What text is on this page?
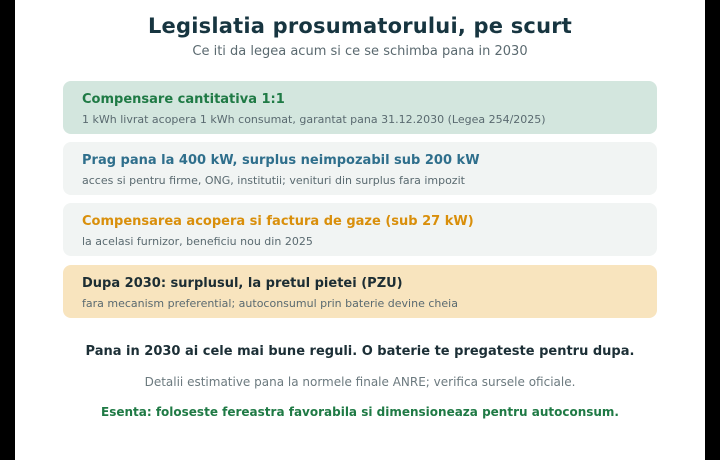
Legislatia prosumatorului, pe scurt
Ce iti da legea acum si ce se schimba pana in 2030
Compensare cantitativa 1:1
1 kWh livrat acopera 1 kWh consumat, garantat pana 31.12.2030 (Legea 254/2025)
Prag pana la 400 kW, surplus neimpozabil sub 200 kW
acces si pentru firme, ONG, institutii; venituri din surplus fara impozit
Compensarea acopera si factura de gaze (sub 27 kW)
la acelasi furnizor, beneficiu nou din 2025
Dupa 2030: surplusul, la pretul pietei (PZU)
fara mecanism preferential; autoconsumul prin baterie devine cheia
Pana in 2030 ai cele mai bune reguli. O baterie te pregateste pentru dupa.
Detalii estimative pana la normele finale ANRE; verifica sursele oficiale.
Esenta: foloseste fereastra favorabila si dimensioneaza pentru autoconsum.
